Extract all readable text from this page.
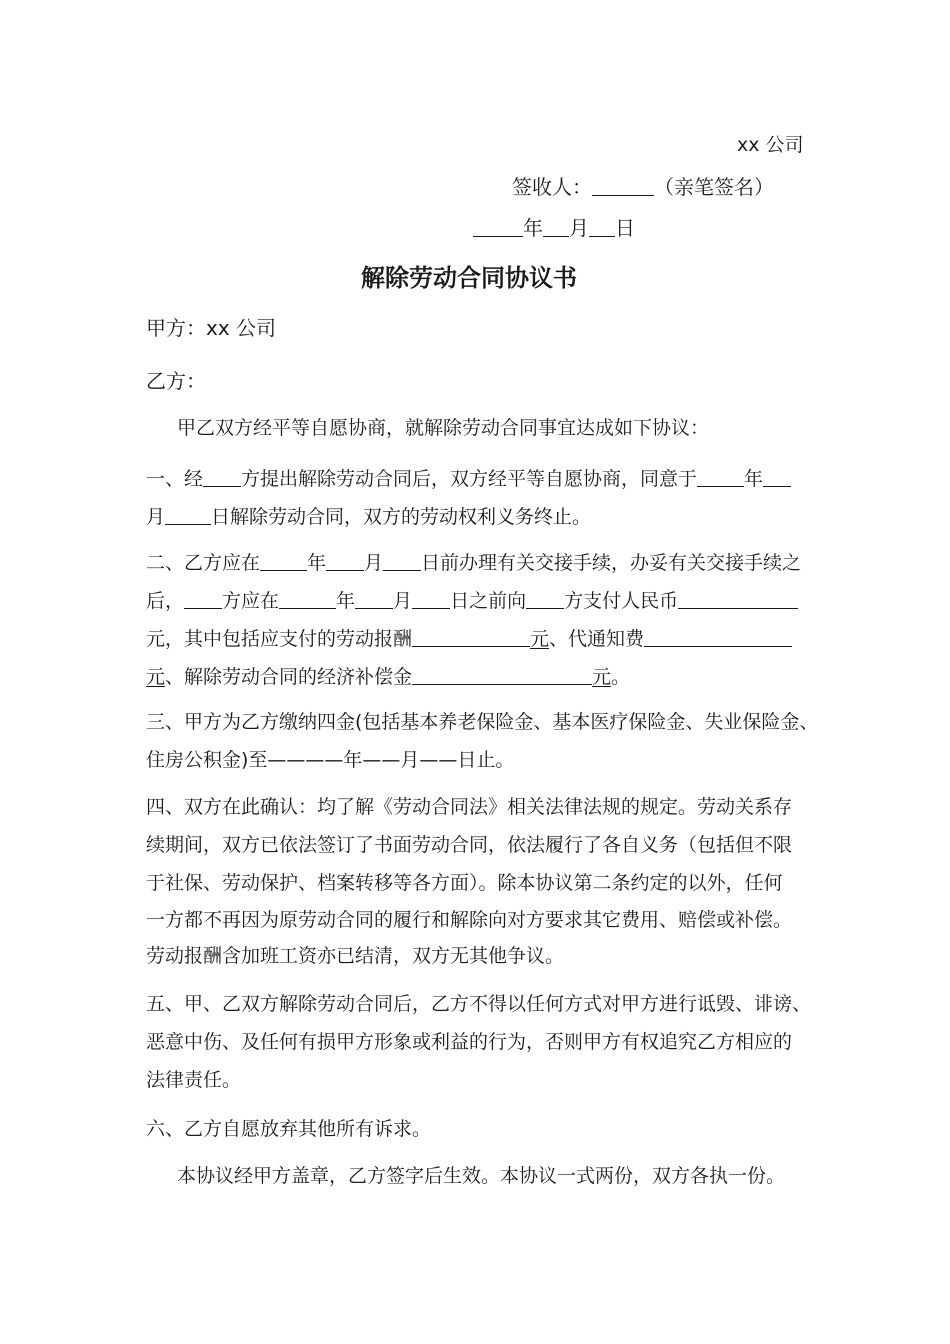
xx 公司
签收人：	（亲笔签名）
年 月 日
解除劳动合同协议书
甲方：xx 公司
乙方：
甲乙双方经平等自愿协商，就解除劳动合同事宜达成如下协议：
一、经 方提出解除劳动合同后，双方经平等自愿协商，同意于 年
月 日解除劳动合同，双方的劳动权利义务终止。
二、乙方应在 年 月 日前办理有关交接手续，办妥有关交接手续之
后， 方应在	年 月 日之前向 方支付人民币
元，其中包括应支付的劳动报酬	元、代通知费
元、解除劳动合同的经济补偿金	元。
三、甲方为乙方缴纳四金(包括基本养老保险金、基本医疗保险金、失业保险金、
住房公积金)至————年——月——日止。
四、双方在此确认：均了解《劳动合同法》相关法律法规的规定。劳动关系存
续期间，双方已依法签订了书面劳动合同，依法履行了各自义务（包括但不限
于社保、劳动保护、档案转移等各方面）。除本协议第二条约定的以外，任何
一方都不再因为原劳动合同的履行和解除向对方要求其它费用、赔偿或补偿。
劳动报酬含加班工资亦已结清，双方无其他争议。
五、甲、乙双方解除劳动合同后，乙方不得以任何方式对甲方进行诋毁、诽谤、
恶意中伤、及任何有损甲方形象或利益的行为，否则甲方有权追究乙方相应的
法律责任。
六、乙方自愿放弃其他所有诉求。
本协议经甲方盖章，乙方签字后生效。本协议一式两份，双方各执一份。
